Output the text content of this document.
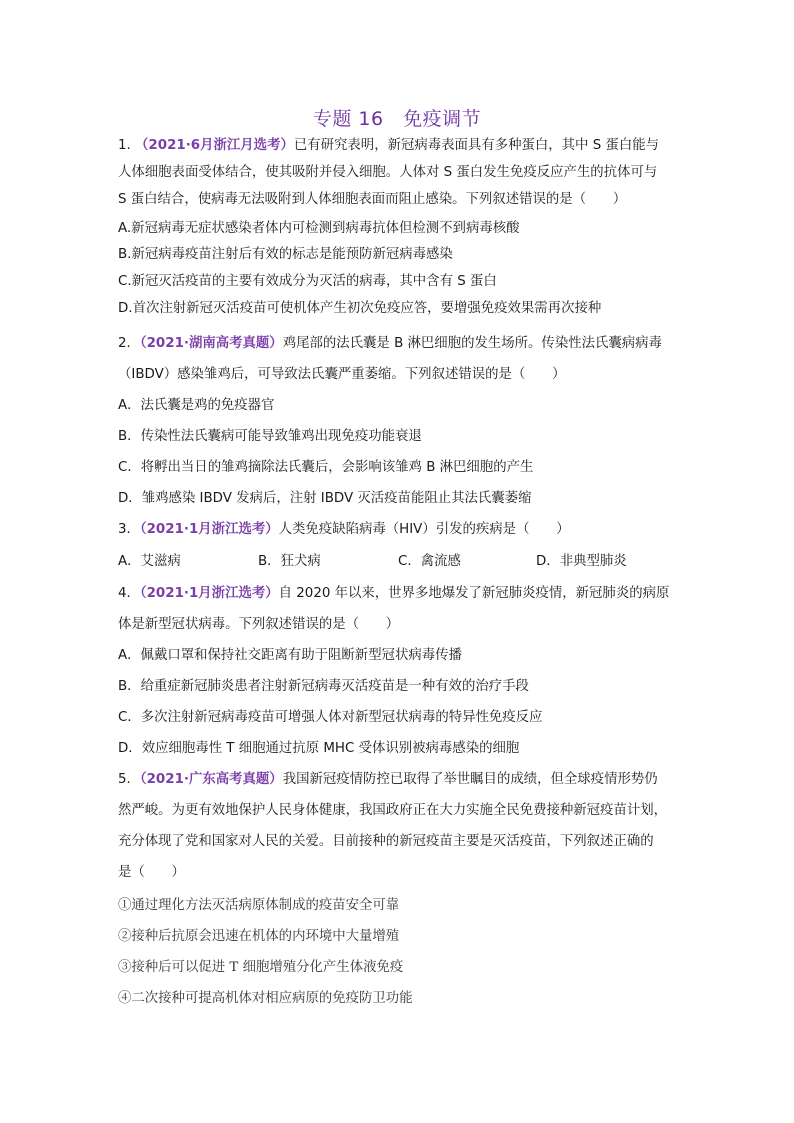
专题 16　免疫调节
1. （2021·6月浙江月选考）已有研究表明，新冠病毒表面具有多种蛋白，其中 S 蛋白能与
人体细胞表面受体结合，使其吸附并侵入细胞。人体对 S 蛋白发生免疫反应产生的抗体可与
S 蛋白结合，使病毒无法吸附到人体细胞表面而阻止感染。下列叙述错误的是（　　）
A.新冠病毒无症状感染者体内可检测到病毒抗体但检测不到病毒核酸
B.新冠病毒疫苗注射后有效的标志是能预防新冠病毒感染
C.新冠灭活疫苗的主要有效成分为灭活的病毒，其中含有 S 蛋白
D.首次注射新冠灭活疫苗可使机体产生初次免疫应答，要增强免疫效果需再次接种
2．（2021·湖南高考真题）鸡尾部的法氏囊是 B 淋巴细胞的发生场所。传染性法氏囊病病毒
（IBDV）感染雏鸡后，可导致法氏囊严重萎缩。下列叙述错误的是（　　）
A．法氏囊是鸡的免疫器官
B．传染性法氏囊病可能导致雏鸡出现免疫功能衰退
C．将孵出当日的雏鸡摘除法氏囊后，会影响该雏鸡 B 淋巴细胞的产生
D．雏鸡感染 IBDV 发病后，注射 IBDV 灭活疫苗能阻止其法氏囊萎缩
3．（2021·1月浙江选考）人类免疫缺陷病毒（HIV）引发的疾病是（　　）
A．艾滋病	B．狂犬病	C．禽流感	D．非典型肺炎
4．（2021·1月浙江选考）自 2020 年以来，世界多地爆发了新冠肺炎疫情，新冠肺炎的病原
体是新型冠状病毒。下列叙述错误的是（　　）
A．佩戴口罩和保持社交距离有助于阻断新型冠状病毒传播
B．给重症新冠肺炎患者注射新冠病毒灭活疫苗是一种有效的治疗手段
C．多次注射新冠病毒疫苗可增强人体对新型冠状病毒的特异性免疫反应
D．效应细胞毒性 T 细胞通过抗原 MHC 受体识别被病毒感染的细胞
5．（2021·广东高考真题）我国新冠疫情防控已取得了举世瞩目的成绩，但全球疫情形势仍
然严峻。为更有效地保护人民身体健康，我国政府正在大力实施全民免费接种新冠疫苗计划，
充分体现了党和国家对人民的关爱。目前接种的新冠疫苗主要是灭活疫苗，下列叙述正确的
是（　　）
①通过理化方法灭活病原体制成的疫苗安全可靠
②接种后抗原会迅速在机体的内环境中大量增殖
③接种后可以促进 T 细胞增殖分化产生体液免疫
④二次接种可提高机体对相应病原的免疫防卫功能
